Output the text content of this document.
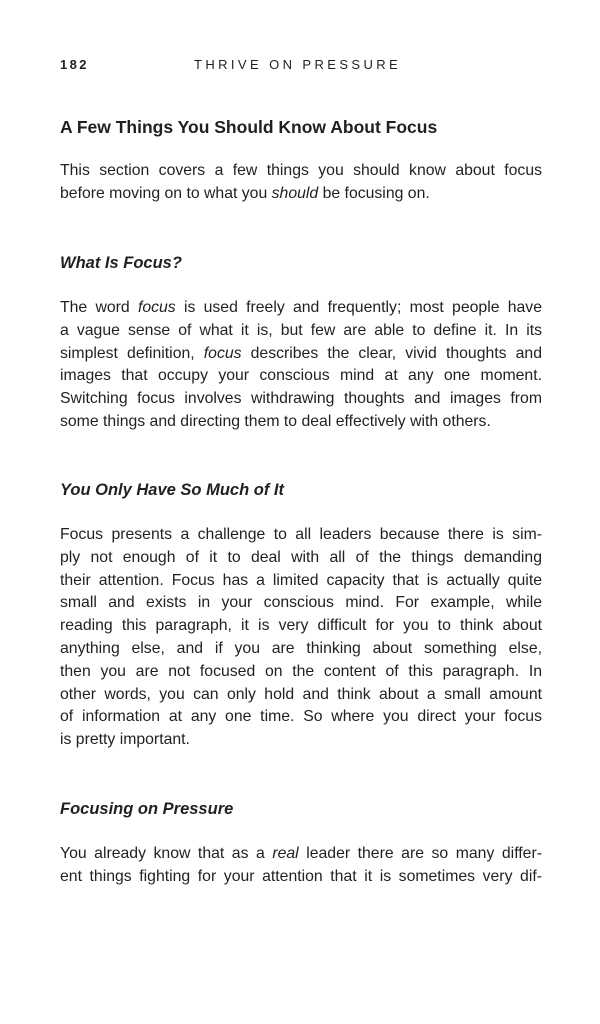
182	THRIVE ON PRESSURE
A Few Things You Should Know About Focus

This section covers a few things you should know about focus
before moving on to what you should be focusing on.

What Is Focus?

The word focus is used freely and frequently; most people have
a vague sense of what it is, but few are able to define it. In its
simplest definition, focus describes the clear, vivid thoughts and
images that occupy your conscious mind at any one moment.
Switching focus involves withdrawing thoughts and images from
some things and directing them to deal effectively with others.

You Only Have So Much of It

Focus presents a challenge to all leaders because there is sim-
ply not enough of it to deal with all of the things demanding
their attention. Focus has a limited capacity that is actually quite
small and exists in your conscious mind. For example, while
reading this paragraph, it is very difficult for you to think about
anything else, and if you are thinking about something else,
then you are not focused on the content of this paragraph. In
other words, you can only hold and think about a small amount
of information at any one time. So where you direct your focus
is pretty important.

Focusing on Pressure

You already know that as a real leader there are so many differ-
ent things fighting for your attention that it is sometimes very dif-
